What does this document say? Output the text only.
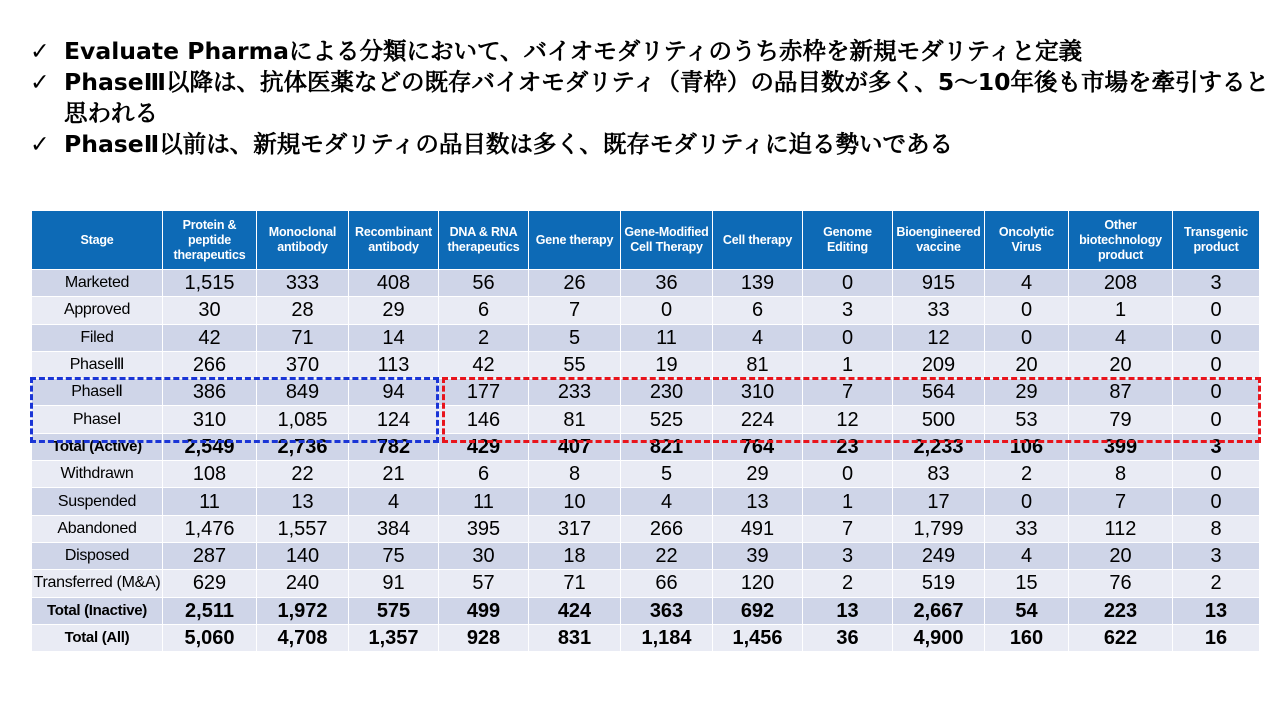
✓ Evaluate Pharmaによる分類において、バイオモダリティのうち赤枠を新規モダリティと定義
✓ PhaseⅢ以降は、抗体医薬などの既存バイオモダリティ（青枠）の品目数が多く、5～10年後も市場を牽引すると思われる
✓ PhaseⅡ以前は、新規モダリティの品目数は多く、既存モダリティに迫る勢いである
Stage	Protein & peptide therapeutics	Monoclonal antibody	Recombinant antibody	DNA & RNA therapeutics	Gene therapy	Gene-Modified Cell Therapy	Cell therapy	Genome Editing	Bioengineered vaccine	Oncolytic Virus	Other biotechnology product	Transgenic product
Marketed	1,515	333	408	56	26	36	139	0	915	4	208	3
Approved	30	28	29	6	7	0	6	3	33	0	1	0
Filed	42	71	14	2	5	11	4	0	12	0	4	0
PhaseⅢ	266	370	113	42	55	19	81	1	209	20	20	0
PhaseⅡ	386	849	94	177	233	230	310	7	564	29	87	0
PhaseⅠ	310	1,085	124	146	81	525	224	12	500	53	79	0
Total (Active)	2,549	2,736	782	429	407	821	764	23	2,233	106	399	3
Withdrawn	108	22	21	6	8	5	29	0	83	2	8	0
Suspended	11	13	4	11	10	4	13	1	17	0	7	0
Abandoned	1,476	1,557	384	395	317	266	491	7	1,799	33	112	8
Disposed	287	140	75	30	18	22	39	3	249	4	20	3
Transferred (M&A)	629	240	91	57	71	66	120	2	519	15	76	2
Total (Inactive)	2,511	1,972	575	499	424	363	692	13	2,667	54	223	13
Total (All)	5,060	4,708	1,357	928	831	1,184	1,456	36	4,900	160	622	16
